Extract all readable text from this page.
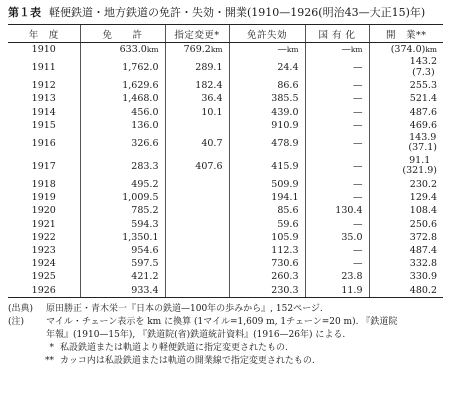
第１表 軽便鉄道・地方鉄道の免許・失効・開業(1910—1926(明治43—大正15)年)
年　度	免　　許	指定変更*	免許失効	国 有 化	開　業**
1910	633.0km	769.2km	—km	—km	(374.0)km
1911	1,762.0	289.1	24.4	—	143.2
(7.3)

1912	1,629.6	182.4	86.6	—	255.3
1913	1,468.0	36.4	385.5	—	521.4
1914	456.0	10.1	439.0	—	487.6
1915	136.0		910.9	—	469.6
1916	326.6	40.7	478.9	—	143.9
(37.1)

1917	283.3	407.6	415.9	—	91.1
(321.9)

1918	495.2		509.9	—	230.2
1919	1,009.5		194.1	—	129.4
1920	785.2		85.6	130.4	108.4
1921	594.3		59.6	—	250.6
1922	1,350.1		105.9	35.0	372.8
1923	954.6		112.3	—	487.4
1924	597.5		730.6	—	332.8
1925	421.2		260.3	23.8	330.9
1926	933.4		230.3	11.9	480.2
(出典) 原田勝正・青木栄一『日本の鉄道—100年の歩みから』, 152ページ.
(注) マイル・チェーン表示を km に換算 (1マイル=1,609 m, 1チェーン=20 m). 『鉄道院
年報』(1910—15年), 『鉄道院(省)鉄道統計資料』(1916—26年) による.
* 私設鉄道または軌道より軽便鉄道に指定変更されたもの.
** カッコ内は私設鉄道または軌道の開業線で指定変更されたもの.
